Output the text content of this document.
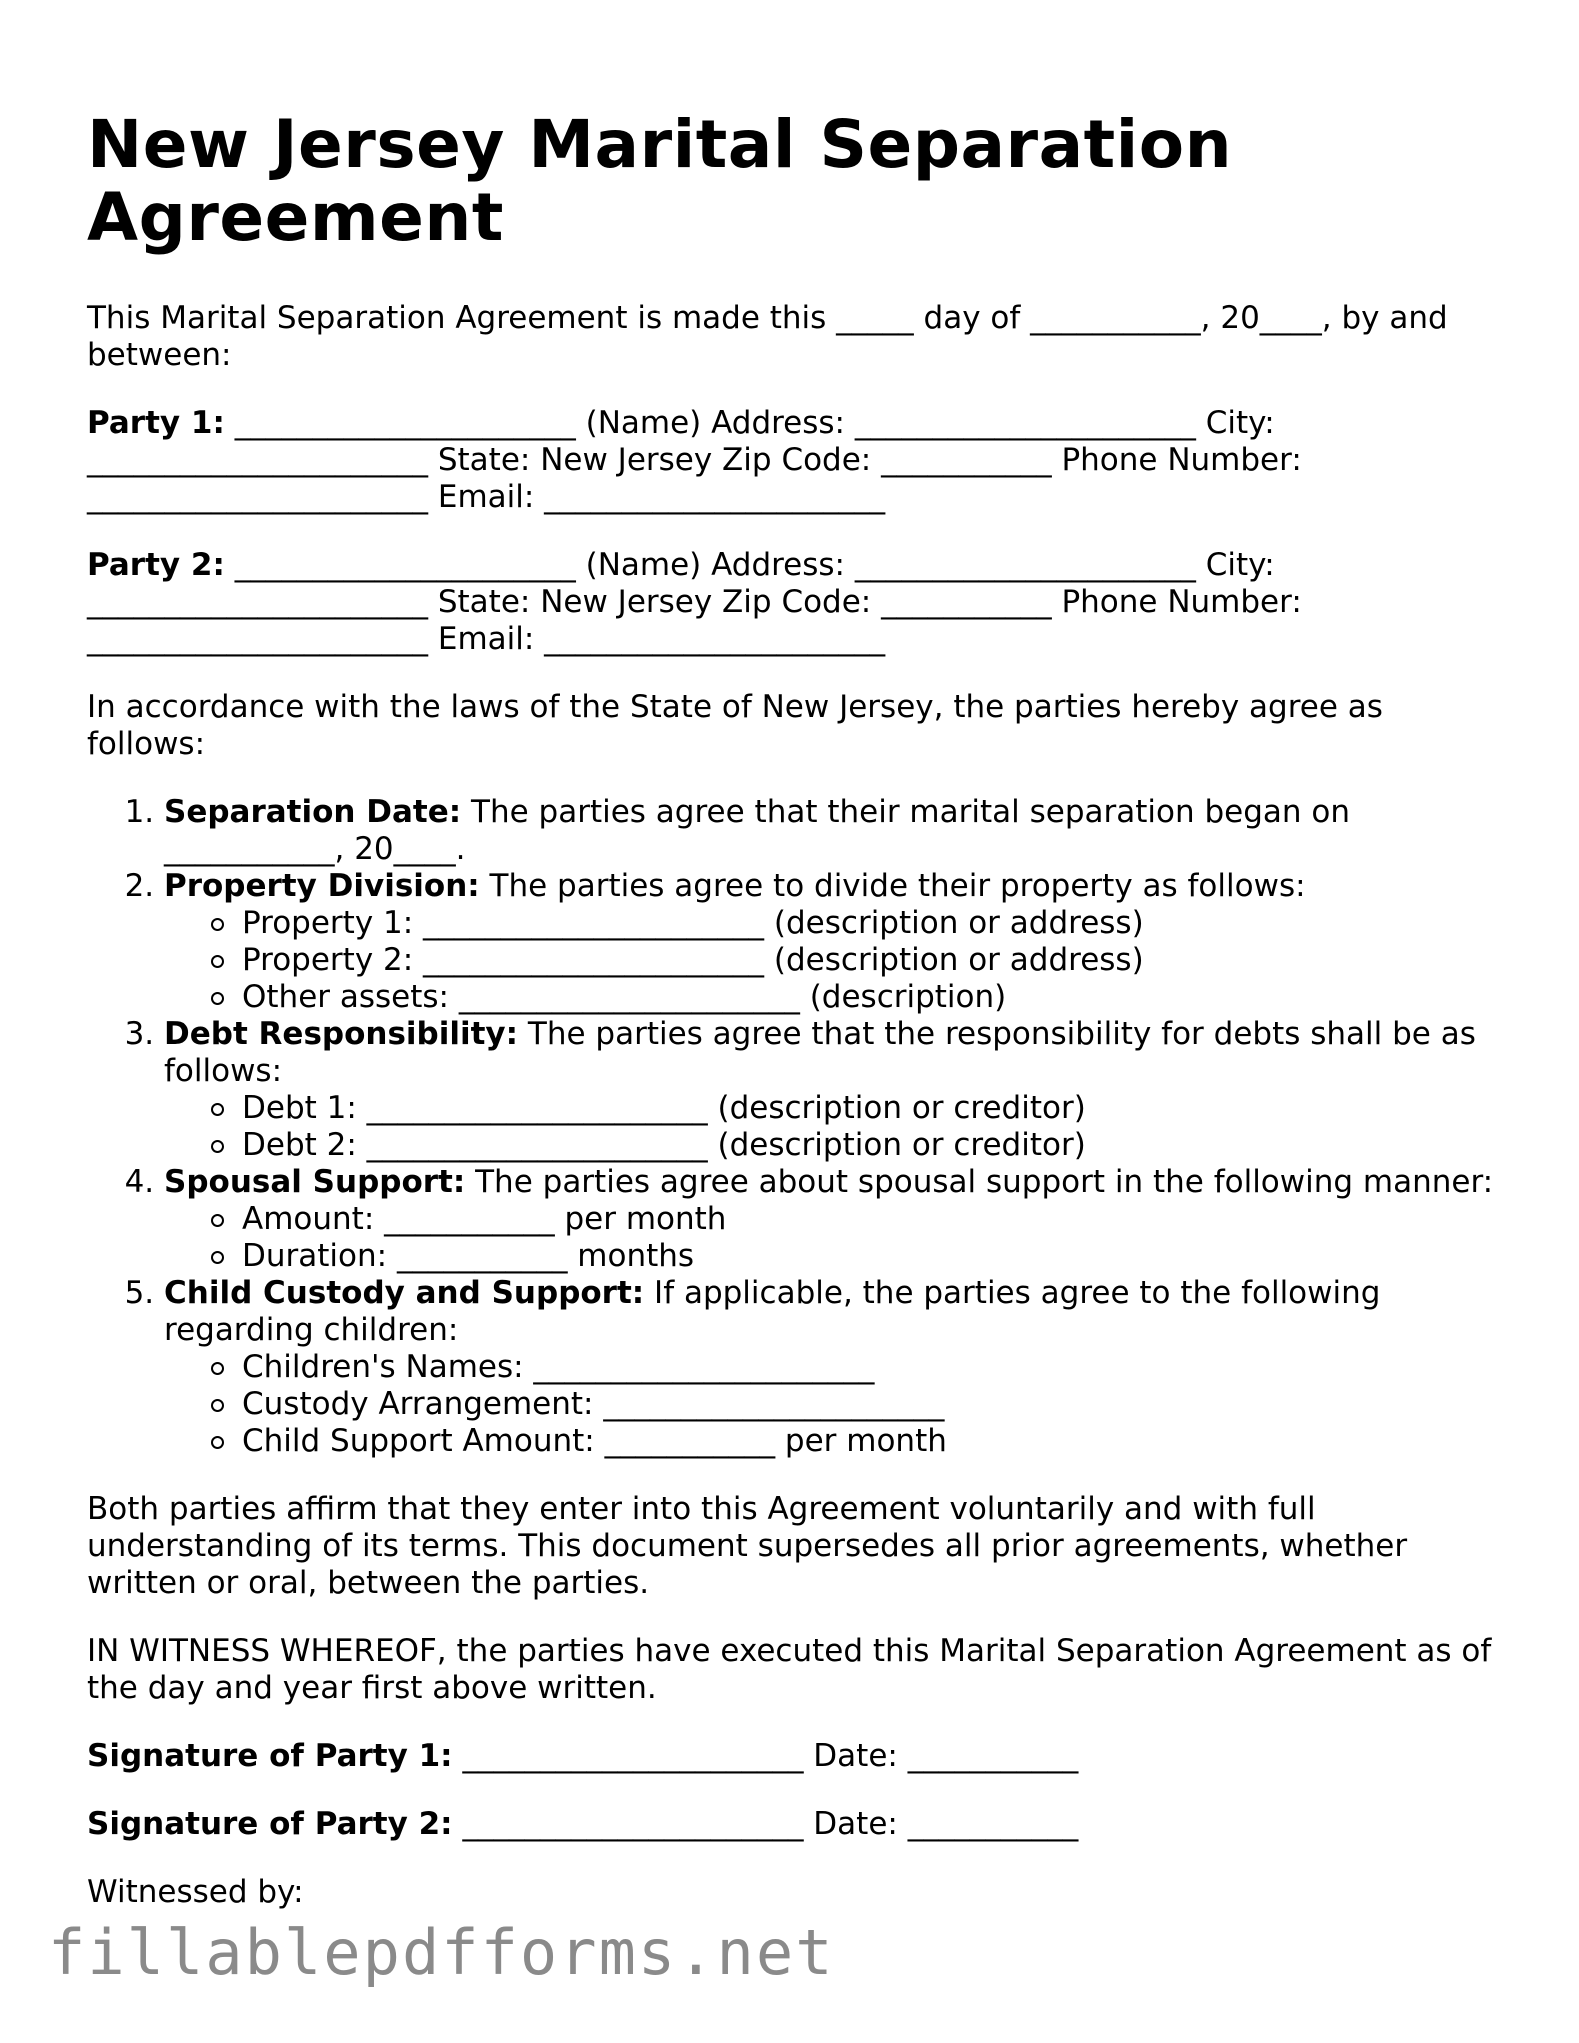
New Jersey Marital Separation Agreement

This Marital Separation Agreement is made this _____ day of ___________, 20____, by and between:

Party 1: ______________________ (Name) Address: ______________________ City: ______________________ State: New Jersey Zip Code: ___________ Phone Number: ______________________ Email: ______________________

Party 2: ______________________ (Name) Address: ______________________ City: ______________________ State: New Jersey Zip Code: ___________ Phone Number: ______________________ Email: ______________________

In accordance with the laws of the State of New Jersey, the parties hereby agree as follows:

1. Separation Date: The parties agree that their marital separation began on ___________, 20____.
2. Property Division: The parties agree to divide their property as follows:
Property 1: ______________________ (description or address)
Property 2: ______________________ (description or address)
Other assets: ______________________ (description)
3. Debt Responsibility: The parties agree that the responsibility for debts shall be as follows:
Debt 1: ______________________ (description or creditor)
Debt 2: ______________________ (description or creditor)
4. Spousal Support: The parties agree about spousal support in the following manner:
Amount: ___________ per month
Duration: ___________ months
5. Child Custody and Support: If applicable, the parties agree to the following regarding children:
Children's Names: ______________________
Custody Arrangement: ______________________
Child Support Amount: ___________ per month

Both parties affirm that they enter into this Agreement voluntarily and with full understanding of its terms. This document supersedes all prior agreements, whether written or oral, between the parties.

IN WITNESS WHEREOF, the parties have executed this Marital Separation Agreement as of the day and year first above written.

Signature of Party 1: ______________________ Date: ___________

Signature of Party 2: ______________________ Date: ___________

Witnessed by:

fillablepdfforms.net
